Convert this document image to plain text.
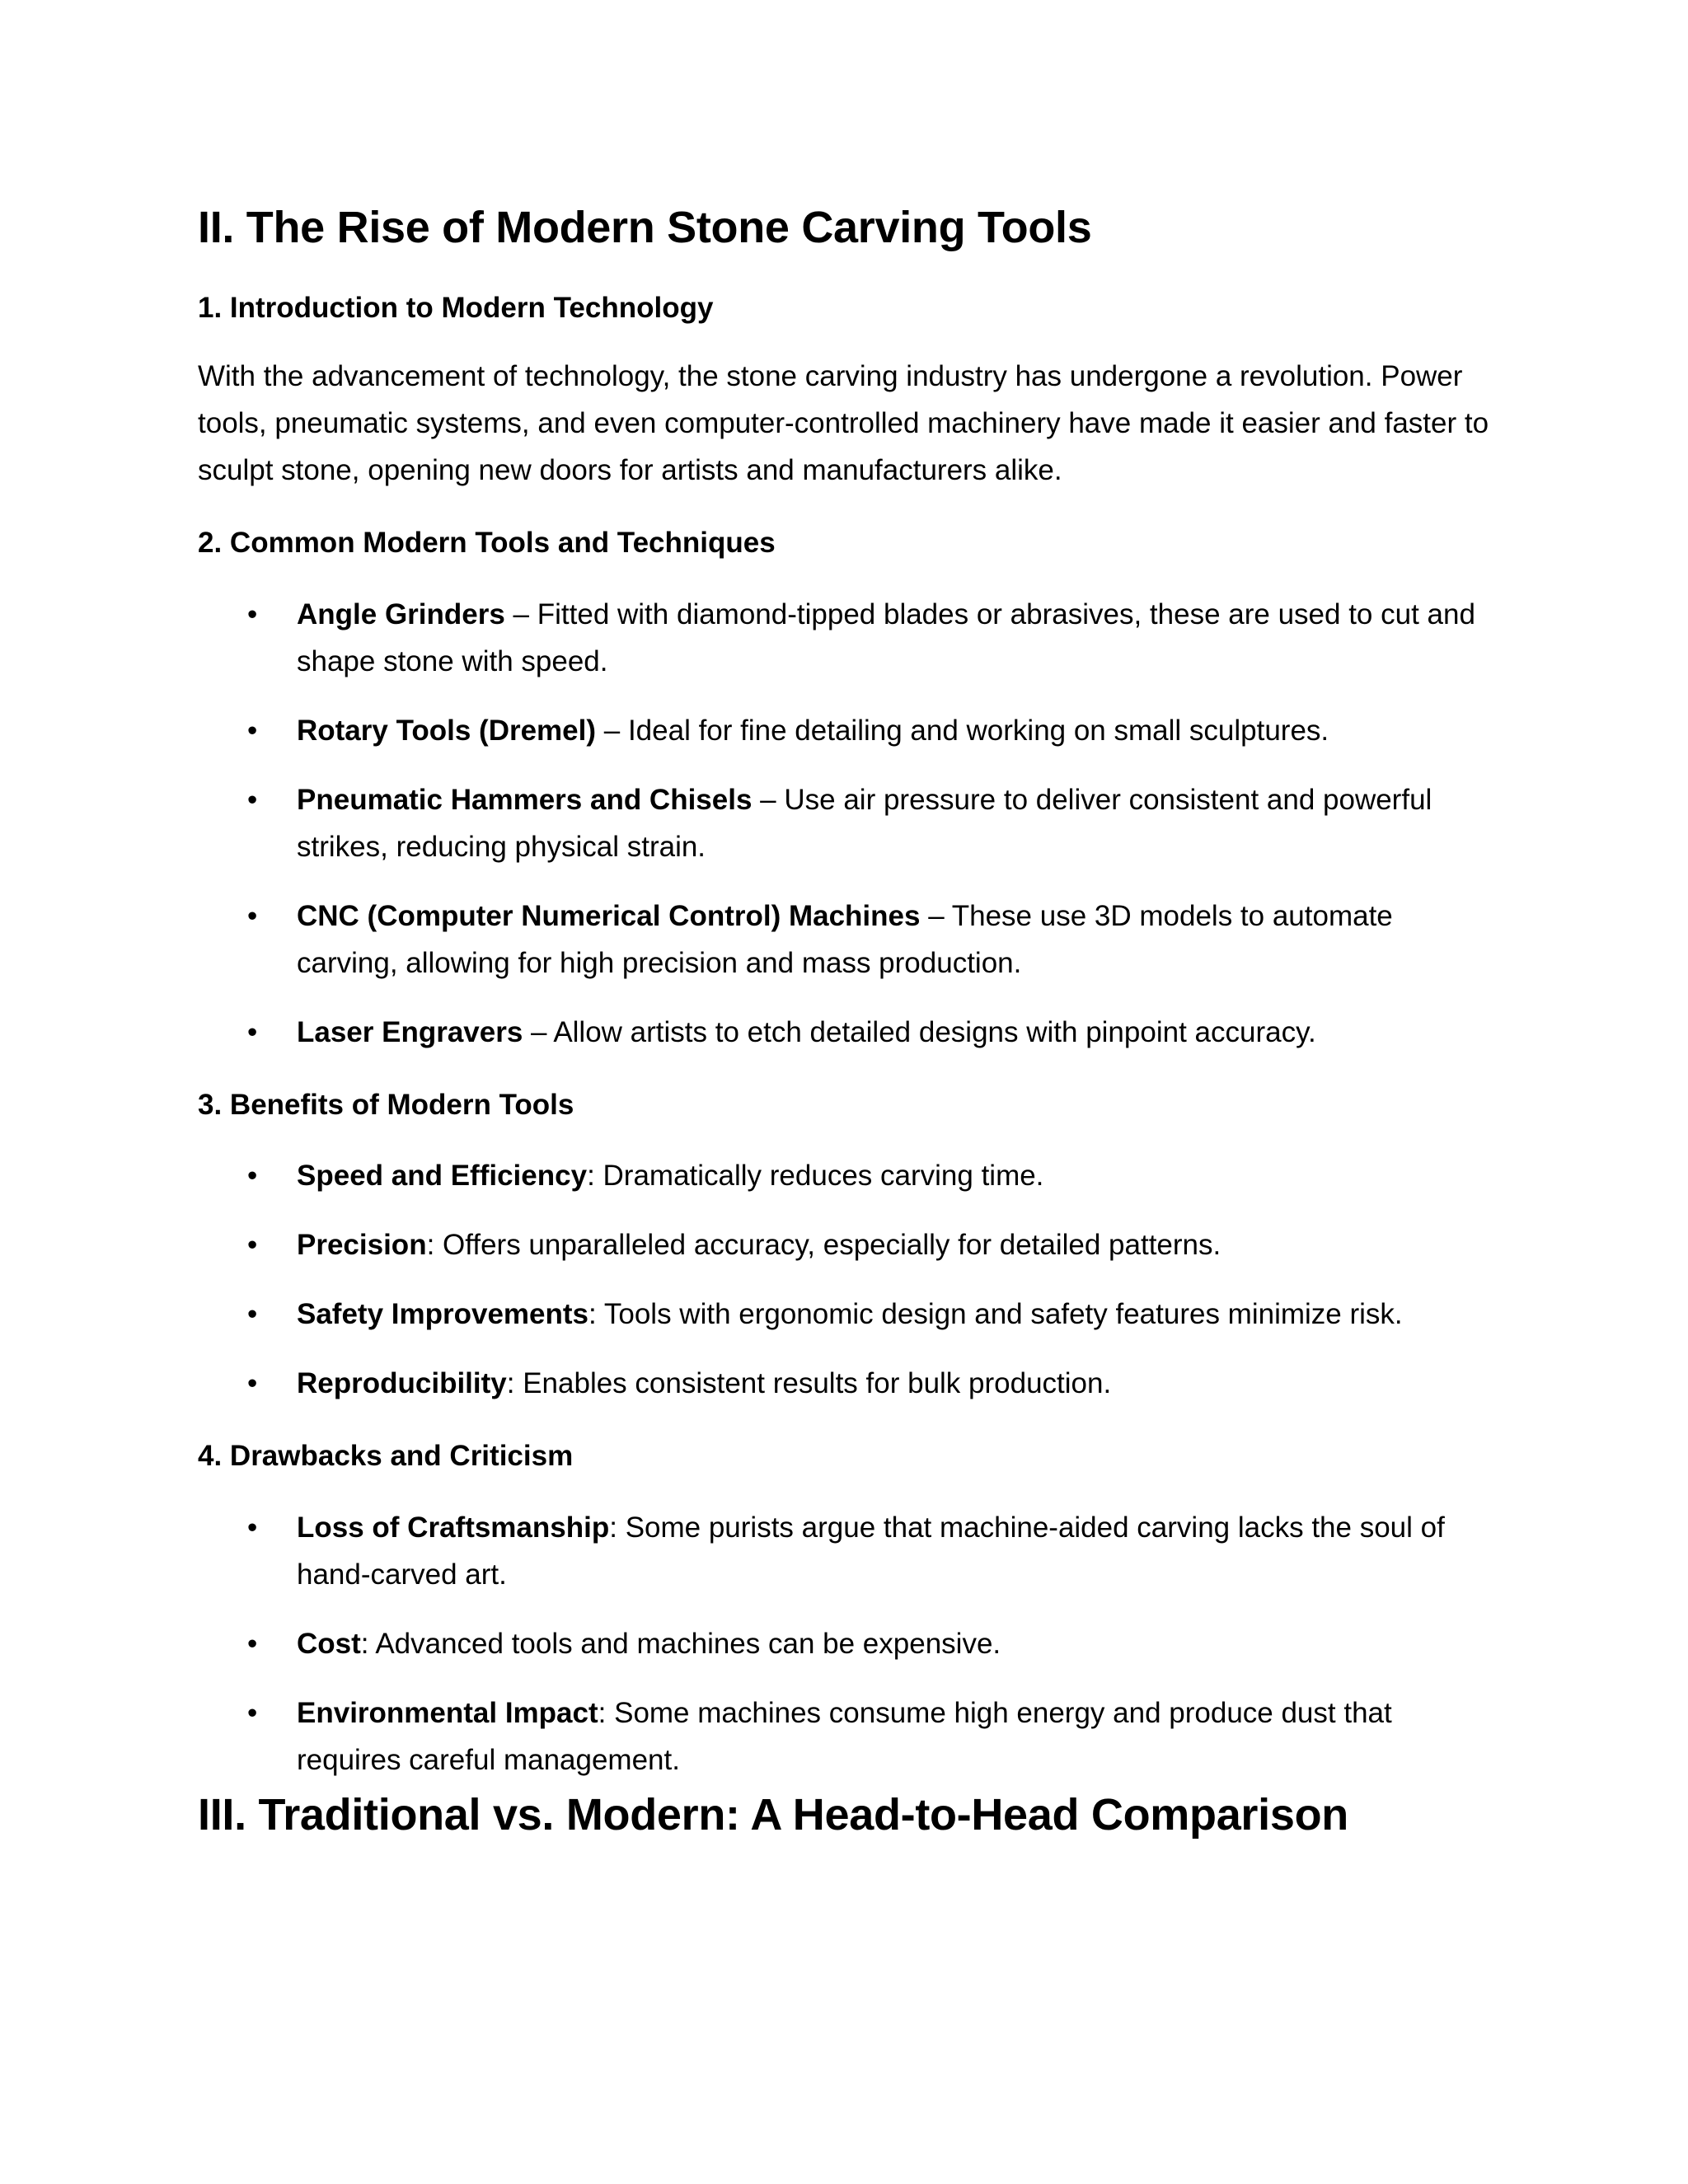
II. The Rise of Modern Stone Carving Tools
1. Introduction to Modern Technology

With the advancement of technology, the stone carving industry has undergone a revolution. Power tools, pneumatic systems, and even computer-controlled machinery have made it easier and faster to sculpt stone, opening new doors for artists and manufacturers alike.

2. Common Modern Tools and Techniques
• Angle Grinders – Fitted with diamond-tipped blades or abrasives, these are used to cut and shape stone with speed.
• Rotary Tools (Dremel) – Ideal for fine detailing and working on small sculptures.
• Pneumatic Hammers and Chisels – Use air pressure to deliver consistent and powerful strikes, reducing physical strain.
• CNC (Computer Numerical Control) Machines – These use 3D models to automate carving, allowing for high precision and mass production.
• Laser Engravers – Allow artists to etch detailed designs with pinpoint accuracy.
3. Benefits of Modern Tools
• Speed and Efficiency: Dramatically reduces carving time.
• Precision: Offers unparalleled accuracy, especially for detailed patterns.
• Safety Improvements: Tools with ergonomic design and safety features minimize risk.
• Reproducibility: Enables consistent results for bulk production.
4. Drawbacks and Criticism
• Loss of Craftsmanship: Some purists argue that machine-aided carving lacks the soul of hand-carved art.
• Cost: Advanced tools and machines can be expensive.
• Environmental Impact: Some machines consume high energy and produce dust that requires careful management.
III. Traditional vs. Modern: A Head-to-Head Comparison
